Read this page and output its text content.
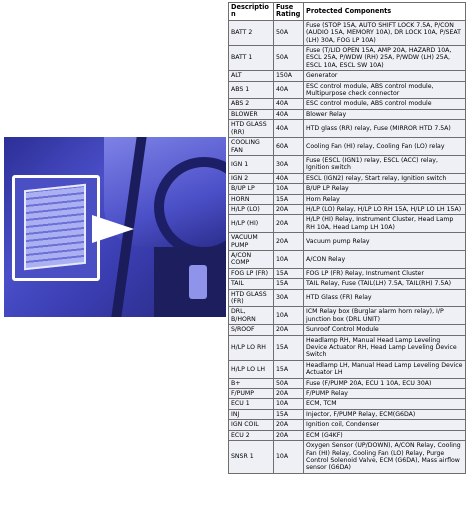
Description	Fuse Rating	Protected Components
BATT 2	50A	Fuse (STOP 15A, AUTO SHIFT LOCK 7.5A, P/CON (AUDIO 15A, MEMORY 10A), DR LOCK 10A, P/SEAT (LH) 30A, FOG LP 10A)
BATT 1	50A	Fuse (T/LID OPEN 15A, AMP 20A, HAZARD 10A, ESCL 25A, P/WDW (RH) 25A, P/WDW (LH) 25A, ESCL 10A, ESCL SW 10A)
ALT	150A	Generator
ABS 1	40A	ESC control module, ABS control module, Multipurpose check connector
ABS 2	40A	ESC control module, ABS control module
BLOWER	40A	Blower Relay
HTD GLASS (RR)	40A	HTD glass (RR) relay, Fuse (MIRROR HTD 7.5A)
COOLING FAN	60A	Cooling Fan (HI) relay, Cooling Fan (LO) relay
IGN 1	30A	Fuse (ESCL (IGN1) relay, ESCL (ACC) relay, Ignition switch
IGN 2	40A	ESCL (IGN2) relay, Start relay, Ignition switch
B/UP LP	10A	B/UP LP Relay
HORN	15A	Horn Relay
H/LP (LO)	20A	H/LP (LO) Relay, H/LP LO RH 15A, H/LP LO LH 15A)
H/LP (HI)	20A	H/LP (HI) Relay, Instrument Cluster, Head Lamp RH 10A, Head Lamp LH 10A)
VACUUM PUMP	20A	Vacuum pump Relay
A/CON COMP	10A	A/CON Relay
FOG LP (FR)	15A	FOG LP (FR) Relay, Instrument Cluster
TAIL	15A	TAIL Relay, Fuse (TAIL(LH) 7.5A, TAIL(RH) 7.5A)
HTD GLASS (FR)	30A	HTD Glass (FR) Relay
DRL, B/HORN	10A	ICM Relay box (Burglar alarm horn relay), I/P junction box (DRL UNIT)
S/ROOF	20A	Sunroof Control Module
H/LP LO RH	15A	Headlamp RH, Manual Head Lamp Leveling Device Actuator RH, Head Lamp Leveling Device Switch
H/LP LO LH	15A	Headlamp LH, Manual Head Lamp Leveling Device Actuator LH
B+	50A	Fuse (F/PUMP 20A, ECU 1 10A, ECU 30A)
F/PUMP	20A	F/PUMP Relay
ECU 1	10A	ECM, TCM
INJ	15A	Injector, F/PUMP Relay, ECM(G6DA)
IGN COIL	20A	Ignition coil, Condenser
ECU 2	20A	ECM (G4KF)
SNSR 1	10A	Oxygen Sensor (UP/DOWN), A/CON Relay, Cooling Fan (HI) Relay, Cooling Fan (LO) Relay, Purge Control Solenoid Valve, ECM (G6DA), Mass airflow sensor (G6DA)
